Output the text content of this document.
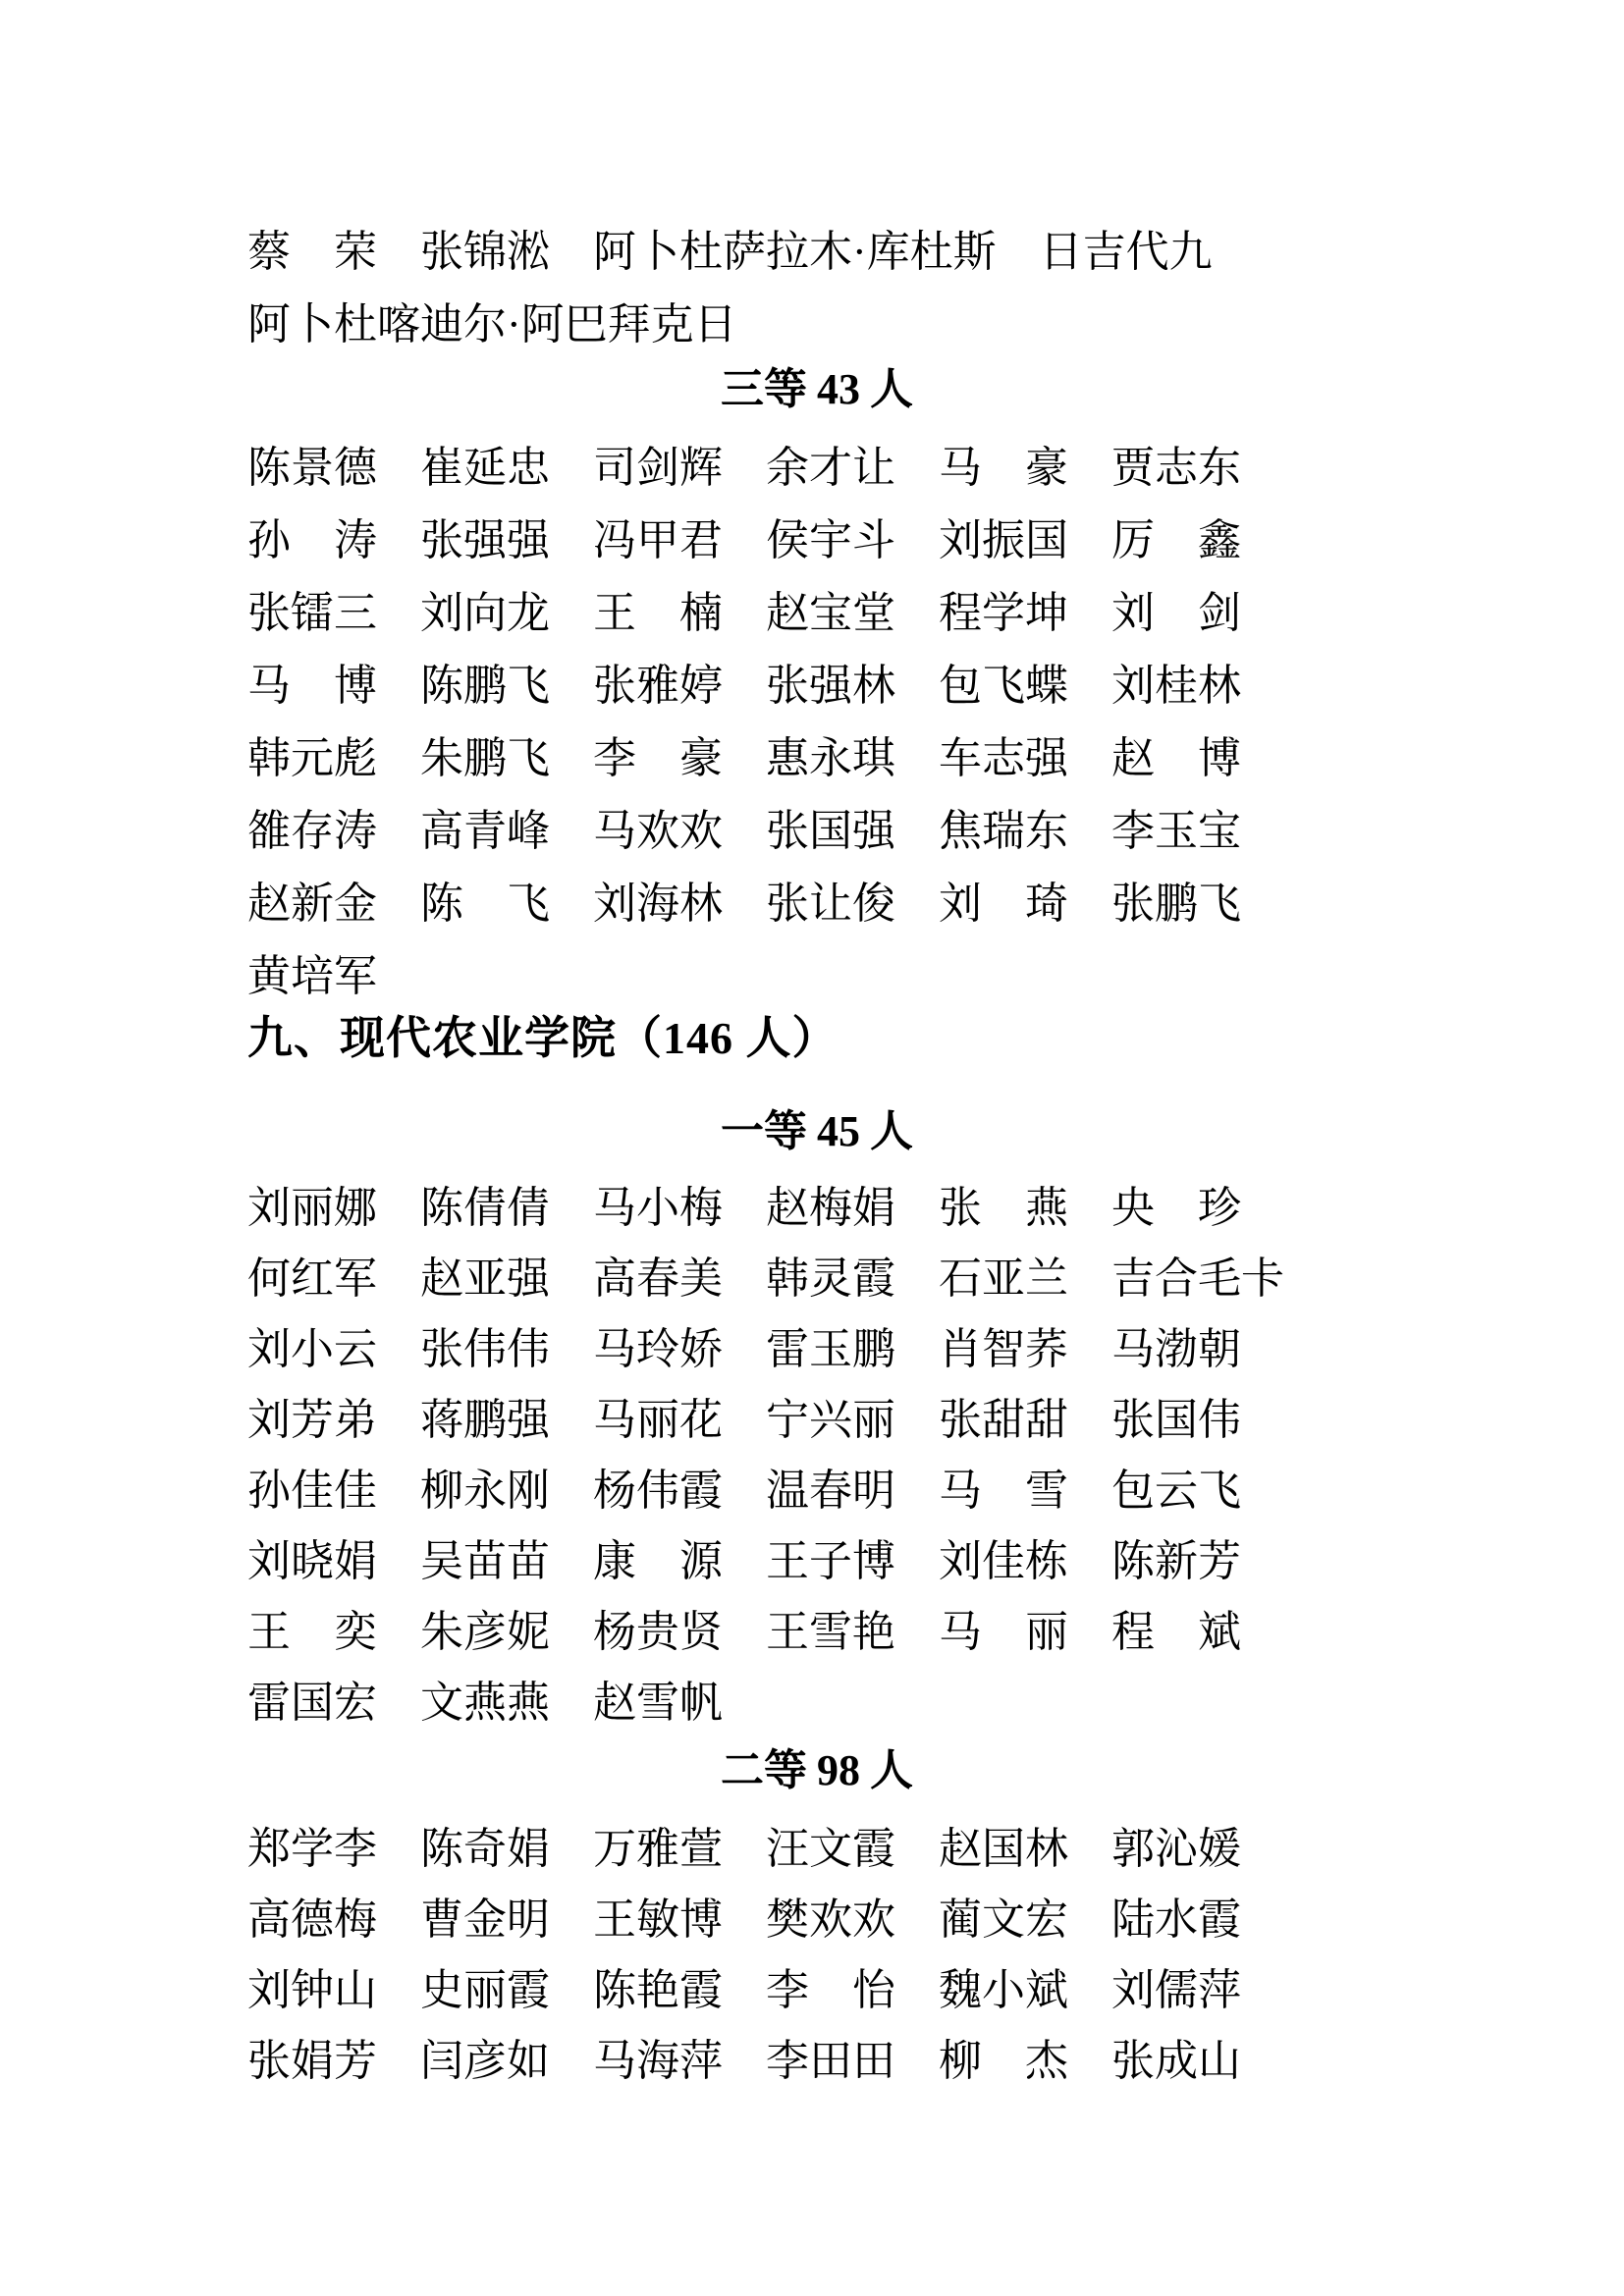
蔡　荣 张锦淞 阿卜杜萨拉木·库杜斯 日吉代九
阿卜杜喀迪尔·阿巴拜克日
三等 43 人
陈景德 崔延忠 司剑辉 余才让 马　豪 贾志东
孙　涛 张强强 冯甲君 侯宇斗 刘振国 厉　鑫
张镭三 刘向龙 王　楠 赵宝堂 程学坤 刘　剑
马　博 陈鹏飞 张雅婷 张强林 包飞蝶 刘桂林
韩元彪 朱鹏飞 李　豪 惠永琪 车志强 赵　博
雒存涛 高青峰 马欢欢 张国强 焦瑞东 李玉宝
赵新金 陈　飞 刘海林 张让俊 刘　琦 张鹏飞
黄培军
九、现代农业学院（146 人）
一等 45 人
刘丽娜 陈倩倩 马小梅 赵梅娟 张　燕 央　珍
何红军 赵亚强 高春美 韩灵霞 石亚兰 吉合毛卡
刘小云 张伟伟 马玲娇 雷玉鹏 肖智荞 马渤朝
刘芳弟 蒋鹏强 马丽花 宁兴丽 张甜甜 张国伟
孙佳佳 柳永刚 杨伟霞 温春明 马　雪 包云飞
刘晓娟 吴苗苗 康　源 王子博 刘佳栋 陈新芳
王　奕 朱彦妮 杨贵贤 王雪艳 马　丽 程　斌
雷国宏 文燕燕 赵雪帆
二等 98 人
郑学李 陈奇娟 万雅萱 汪文霞 赵国林 郭沁媛
高德梅 曹金明 王敏博 樊欢欢 蔺文宏 陆水霞
刘钟山 史丽霞 陈艳霞 李　怡 魏小斌 刘儒萍
张娟芳 闫彦如 马海萍 李田田 柳　杰 张成山
